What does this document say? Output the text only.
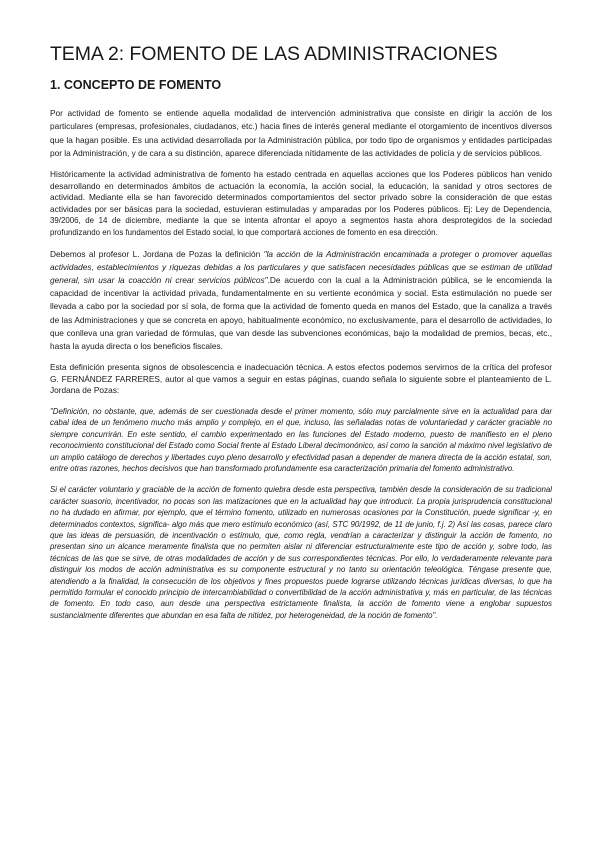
TEMA 2: FOMENTO DE LAS ADMINISTRACIONES
1. CONCEPTO DE FOMENTO

Por actividad de fomento se entiende aquella modalidad de intervención administrativa que consiste en dirigir la acción de los particulares (empresas, profesionales, ciudadanos, etc.) hacia fines de interés general mediante el otorgamiento de incentivos diversos que la hagan posible. Es una actividad desarrollada por la Administración pública, por todo tipo de organismos y entidades participadas por la Administración, y de cara a su distinción, aparece diferenciada nítidamente de las actividades de policía y de servicios públicos.

Históricamente la actividad administrativa de fomento ha estado centrada en aquellas acciones que los Poderes públicos han venido desarrollando en determinados ámbitos de actuación la economía, la acción social, la educación, la sanidad y otros sectores de actividad. Mediante ella se han favorecido determinados comportamientos del sector privado sobre la consideración de que estas actividades por ser básicas para la sociedad, estuvieran estimuladas y amparadas por los Poderes públicos. Ej: Ley de Dependencia, 39/2006, de 14 de diciembre, mediante la que se intenta afrontar el apoyo a segmentos hasta ahora desprotegidos de la sociedad profundizando en los fundamentos del Estado social, lo que comportará acciones de fomento en esa dirección.

Debemos al profesor L. Jordana de Pozas la definición "la acción de la Administración encaminada a proteger o promover aquellas actividades, establecimientos y riquezas debidas a los particulares y que satisfacen necesidades públicas que se estiman de utilidad general, sin usar la coacción ni crear servicios públicos".De acuerdo con la cual a la Administración pública, se le encomienda la capacidad de incentivar la actividad privada, fundamentalmente en su vertiente económica y social. Esta estimulación no puede ser llevada a cabo por la sociedad por sí sola, de forma que la actividad de fomento queda en manos del Estado, que la canaliza a través de las Administraciones y que se concreta en apoyo, habitualmente económico, no exclusivamente, para el desarrollo de actividades, lo que conlleva una gran variedad de fórmulas, que van desde las subvenciones económicas, bajo la modalidad de premios, becas, etc., hasta la ayuda directa o los beneficios fiscales.

Esta definición presenta signos de obsolescencia e inadecuación técnica. A estos efectos podemos servirnos de la crítica del profesor G. FERNÁNDEZ FARRERES, autor al que vamos a seguir en estas páginas, cuando señala lo siguiente sobre el planteamiento de L. Jordana de Pozas:

"Definición, no obstante, que, además de ser cuestionada desde el primer momento, sólo muy parcialmente sirve en la actualidad para dar cabal idea de un fenómeno mucho más amplio y complejo, en el que, incluso, las señaladas notas de voluntariedad y carácter graciable no siempre concurrirán. En este sentido, el cambio experimentado en las funciones del Estado moderno, puesto de manifiesto en el pleno reconocimiento constitucional del Estado como Social frente al Estado Liberal decimonónico, así como la sanción al máximo nivel legislativo de un amplio catálogo de derechos y libertades cuyo pleno desarrollo y efectividad pasan a depender de manera directa de la acción estatal, son, entre otras razones, hechos decisivos que han transformado profundamente esa caracterización primaria del fomento administrativo.

Si el carácter voluntario y graciable de la acción de fomento quiebra desde esta perspectiva, también desde la consideración de su tradicional carácter suasorio, incentivador, no pocas son las matizaciones que en la actualidad hay que introducir. La propia jurisprudencia constitucional no ha dudado en afirmar, por ejemplo, que el término fomento, utilizado en numerosas ocasiones por la Constitución, puede significar -y, en determinados contextos, significa- algo más que mero estímulo económico (así, STC 90/1992, de 11 de junio, f.j. 2) Así las cosas, parece claro que las ideas de persuasión, de incentivación o estímulo, que, como regla, vendrían a caracterizar y distinguir la acción de fomento, no presentan sino un alcance meramente finalista que no permiten aislar ni diferenciar estructuralmente este tipo de acción y, sobre todo, las técnicas de las que se sirve, de otras modalidades de acción y de sus correspondientes técnicas. Por ello, lo verdaderamente relevante para distinguir los modos de acción administrativa es su componente estructural y no tanto su orientación teleológica. Téngase presente que, atendiendo a la finalidad, la consecución de los objetivos y fines propuestos puede lograrse utilizando técnicas jurídicas diversas, lo que ha permitido formular el conocido principio de intercambiabilidad o convertibilidad de la acción administrativa y, más en particular, de las técnicas de fomento. En todo caso, aun desde una perspectiva estrictamente finalista, la acción de fomento viene a englobar supuestos sustancialmente diferentes que abundan en esa falta de nitidez, por heterogeneidad, de la noción de fomento".
